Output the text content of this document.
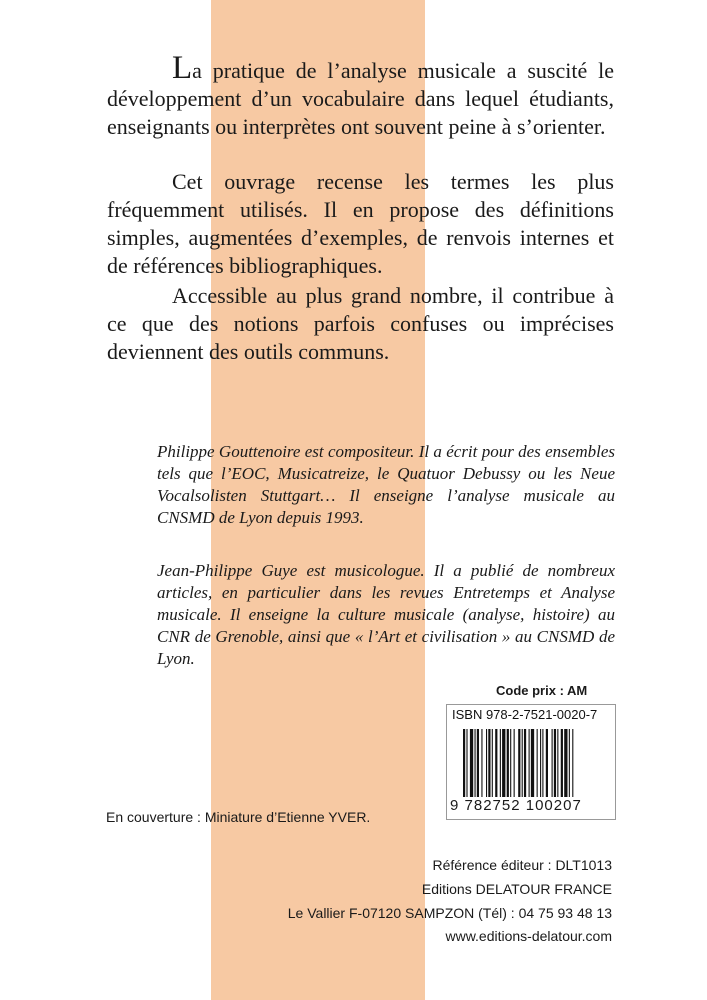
La pratique de l’analyse musicale a suscité le développement d’un vocabulaire dans lequel étudiants, enseignants ou interprètes ont souvent peine à s’orienter.

Cet ouvrage recense les termes les plus fréquemment utilisés. Il en propose des définitions simples, augmentées d’exemples, de renvois internes et de références bibliographiques.

Accessible au plus grand nombre, il contribue à ce que des notions parfois confuses ou imprécises deviennent des outils communs.

Philippe Gouttenoire est compositeur. Il a écrit pour des ensembles tels que l’EOC, Musicatreize, le Quatuor Debussy ou les Neue Vocalsolisten Stuttgart… Il enseigne l’analyse musicale au CNSMD de Lyon depuis 1993.

Jean-Philippe Guye est musicologue. Il a publié de nombreux articles, en particulier dans les revues Entretemps et Analyse musicale. Il enseigne la culture musicale (analyse, histoire) au CNR de Grenoble, ainsi que « l’Art et civilisation » au CNSMD de Lyon.

Code prix : AM
ISBN 978-2-7521-0020-7
9 782752 100207
En couverture : Miniature d’Etienne YVER.
Référence éditeur : DLT1013
Editions DELATOUR FRANCE
Le Vallier F-07120 SAMPZON (Tél) : 04 75 93 48 13
www.editions-delatour.com
